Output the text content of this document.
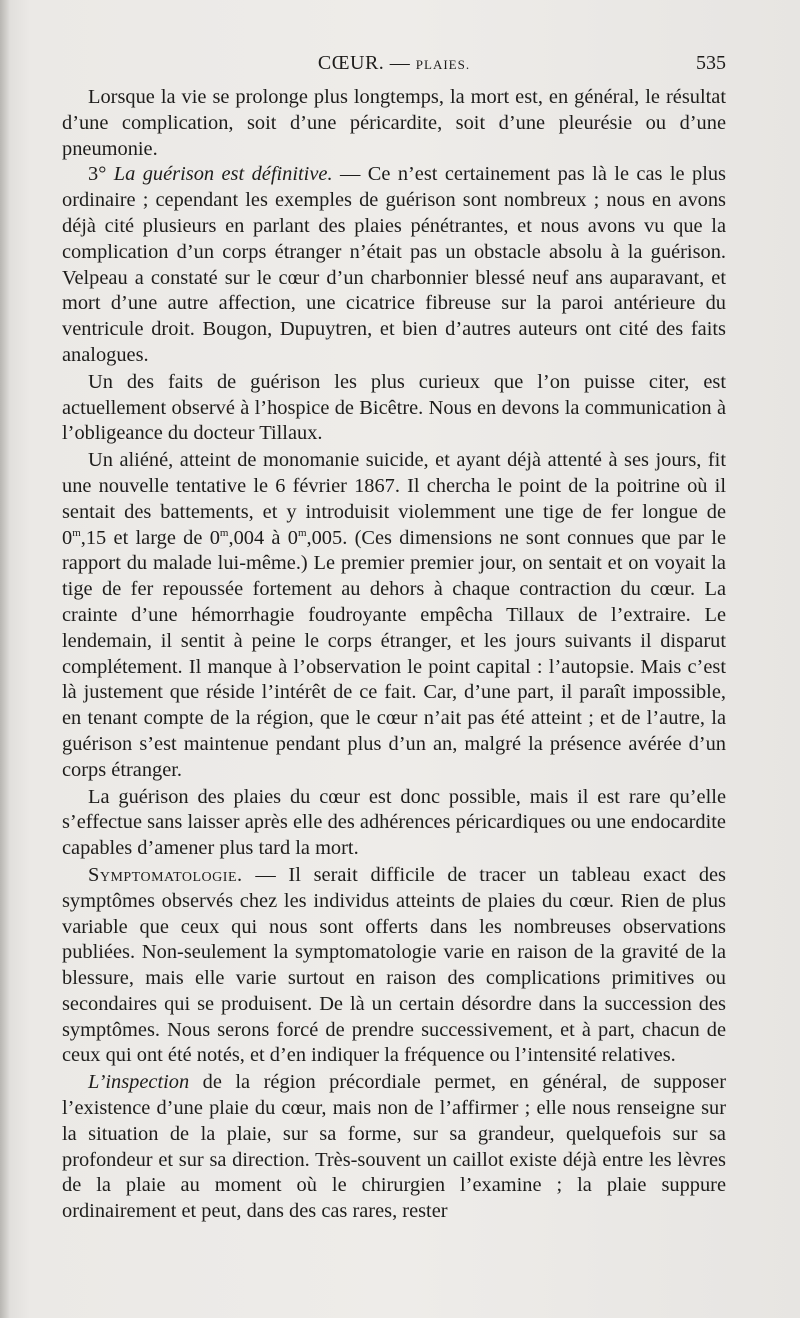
CŒUR. — PLAIES.	535

Lorsque la vie se prolonge plus longtemps, la mort est, en général, le résultat d’une complication, soit d’une péricardite, soit d’une pleurésie ou d’une pneumonie.

3° La guérison est définitive. — Ce n’est certainement pas là le cas le plus ordinaire ; cependant les exemples de guérison sont nombreux ; nous en avons déjà cité plusieurs en parlant des plaies pénétrantes, et nous avons vu que la complication d’un corps étranger n’était pas un obstacle absolu à la guérison. Velpeau a constaté sur le cœur d’un charbonnier blessé neuf ans auparavant, et mort d’une autre affection, une cicatrice fibreuse sur la paroi antérieure du ventricule droit. Bougon, Dupuytren, et bien d’autres auteurs ont cité des faits analogues.

Un des faits de guérison les plus curieux que l’on puisse citer, est actuellement observé à l’hospice de Bicêtre. Nous en devons la communication à l’obligeance du docteur Tillaux.

Un aliéné, atteint de monomanie suicide, et ayant déjà attenté à ses jours, fit une nouvelle tentative le 6 février 1867. Il chercha le point de la poitrine où il sentait des battements, et y introduisit violemment une tige de fer longue de 0$^m$,15 et large de 0$^m$,004 à 0$^m$,005. (Ces dimensions ne sont connues que par le rapport du malade lui-même.) Le premier premier jour, on sentait et on voyait la tige de fer repoussée fortement au dehors à chaque contraction du cœur. La crainte d’une hémorrhagie foudroyante empêcha Tillaux de l’extraire. Le lendemain, il sentit à peine le corps étranger, et les jours suivants il disparut complétement. Il manque à l’observation le point capital : l’autopsie. Mais c’est là justement que réside l’intérêt de ce fait. Car, d’une part, il paraît impossible, en tenant compte de la région, que le cœur n’ait pas été atteint ; et de l’autre, la guérison s’est maintenue pendant plus d’un an, malgré la présence avérée d’un corps étranger.

La guérison des plaies du cœur est donc possible, mais il est rare qu’elle s’effectue sans laisser après elle des adhérences péricardiques ou une endocardite capables d’amener plus tard la mort.

Symptomatologie. — Il serait difficile de tracer un tableau exact des symptômes observés chez les individus atteints de plaies du cœur. Rien de plus variable que ceux qui nous sont offerts dans les nombreuses observations publiées. Non-seulement la symptomatologie varie en raison de la gravité de la blessure, mais elle varie surtout en raison des complications primitives ou secondaires qui se produisent. De là un certain désordre dans la succession des symptômes. Nous serons forcé de prendre successivement, et à part, chacun de ceux qui ont été notés, et d’en indiquer la fréquence ou l’intensité relatives.

L’inspection de la région précordiale permet, en général, de supposer l’existence d’une plaie du cœur, mais non de l’affirmer ; elle nous renseigne sur la situation de la plaie, sur sa forme, sur sa grandeur, quelquefois sur sa profondeur et sur sa direction. Très-souvent un caillot existe déjà entre les lèvres de la plaie au moment où le chirurgien l’examine ; la plaie suppure ordinairement et peut, dans des cas rares, rester
